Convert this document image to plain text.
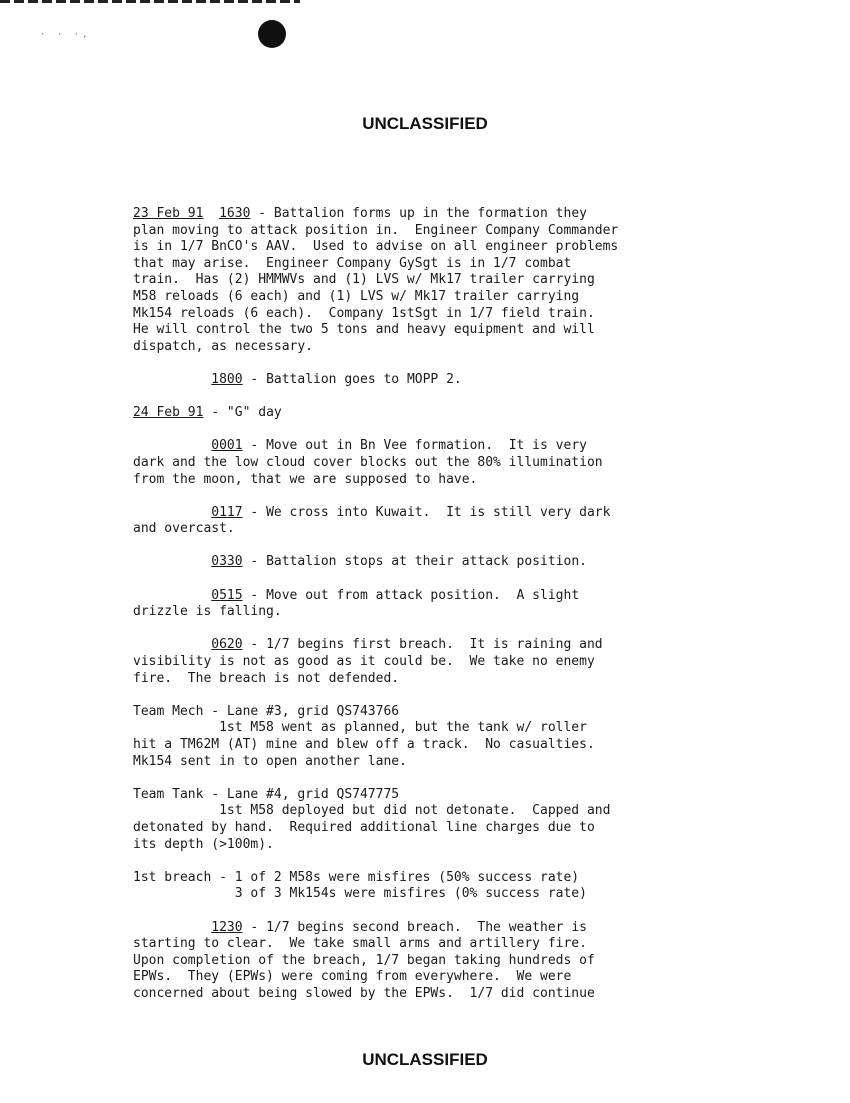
· · ·,
UNCLASSIFIED
23 Feb 91 1630 - Battalion forms up in the formation they
plan moving to attack position in.  Engineer Company Commander
is in 1/7 BnCO's AAV.  Used to advise on all engineer problems
that may arise.  Engineer Company GySgt is in 1/7 combat
train.  Has (2) HMMWVs and (1) LVS w/ Mk17 trailer carrying
M58 reloads (6 each) and (1) LVS w/ Mk17 trailer carrying
Mk154 reloads (6 each).  Company 1stSgt in 1/7 field train.
He will control the two 5 tons and heavy equipment and will
dispatch, as necessary.
1800 - Battalion goes to MOPP 2.
24 Feb 91 - "G" day
0001 - Move out in Bn Vee formation.  It is very
dark and the low cloud cover blocks out the 80% illumination
from the moon, that we are supposed to have.
0117 - We cross into Kuwait.  It is still very dark
and overcast.
0330 - Battalion stops at their attack position.
0515 - Move out from attack position.  A slight
drizzle is falling.
0620 - 1/7 begins first breach.  It is raining and
visibility is not as good as it could be.  We take no enemy
fire.  The breach is not defended.
Team Mech - Lane #3, grid QS743766
1st M58 went as planned, but the tank w/ roller
hit a TM62M (AT) mine and blew off a track.  No casualties.
Mk154 sent in to open another lane.
Team Tank - Lane #4, grid QS747775
1st M58 deployed but did not detonate.  Capped and
detonated by hand.  Required additional line charges due to
its depth (>100m).
1st breach - 1 of 2 M58s were misfires (50% success rate)
3 of 3 Mk154s were misfires (0% success rate)
1230 - 1/7 begins second breach.  The weather is
starting to clear.  We take small arms and artillery fire.
Upon completion of the breach, 1/7 began taking hundreds of
EPWs.  They (EPWs) were coming from everywhere.  We were
concerned about being slowed by the EPWs.  1/7 did continue
UNCLASSIFIED
